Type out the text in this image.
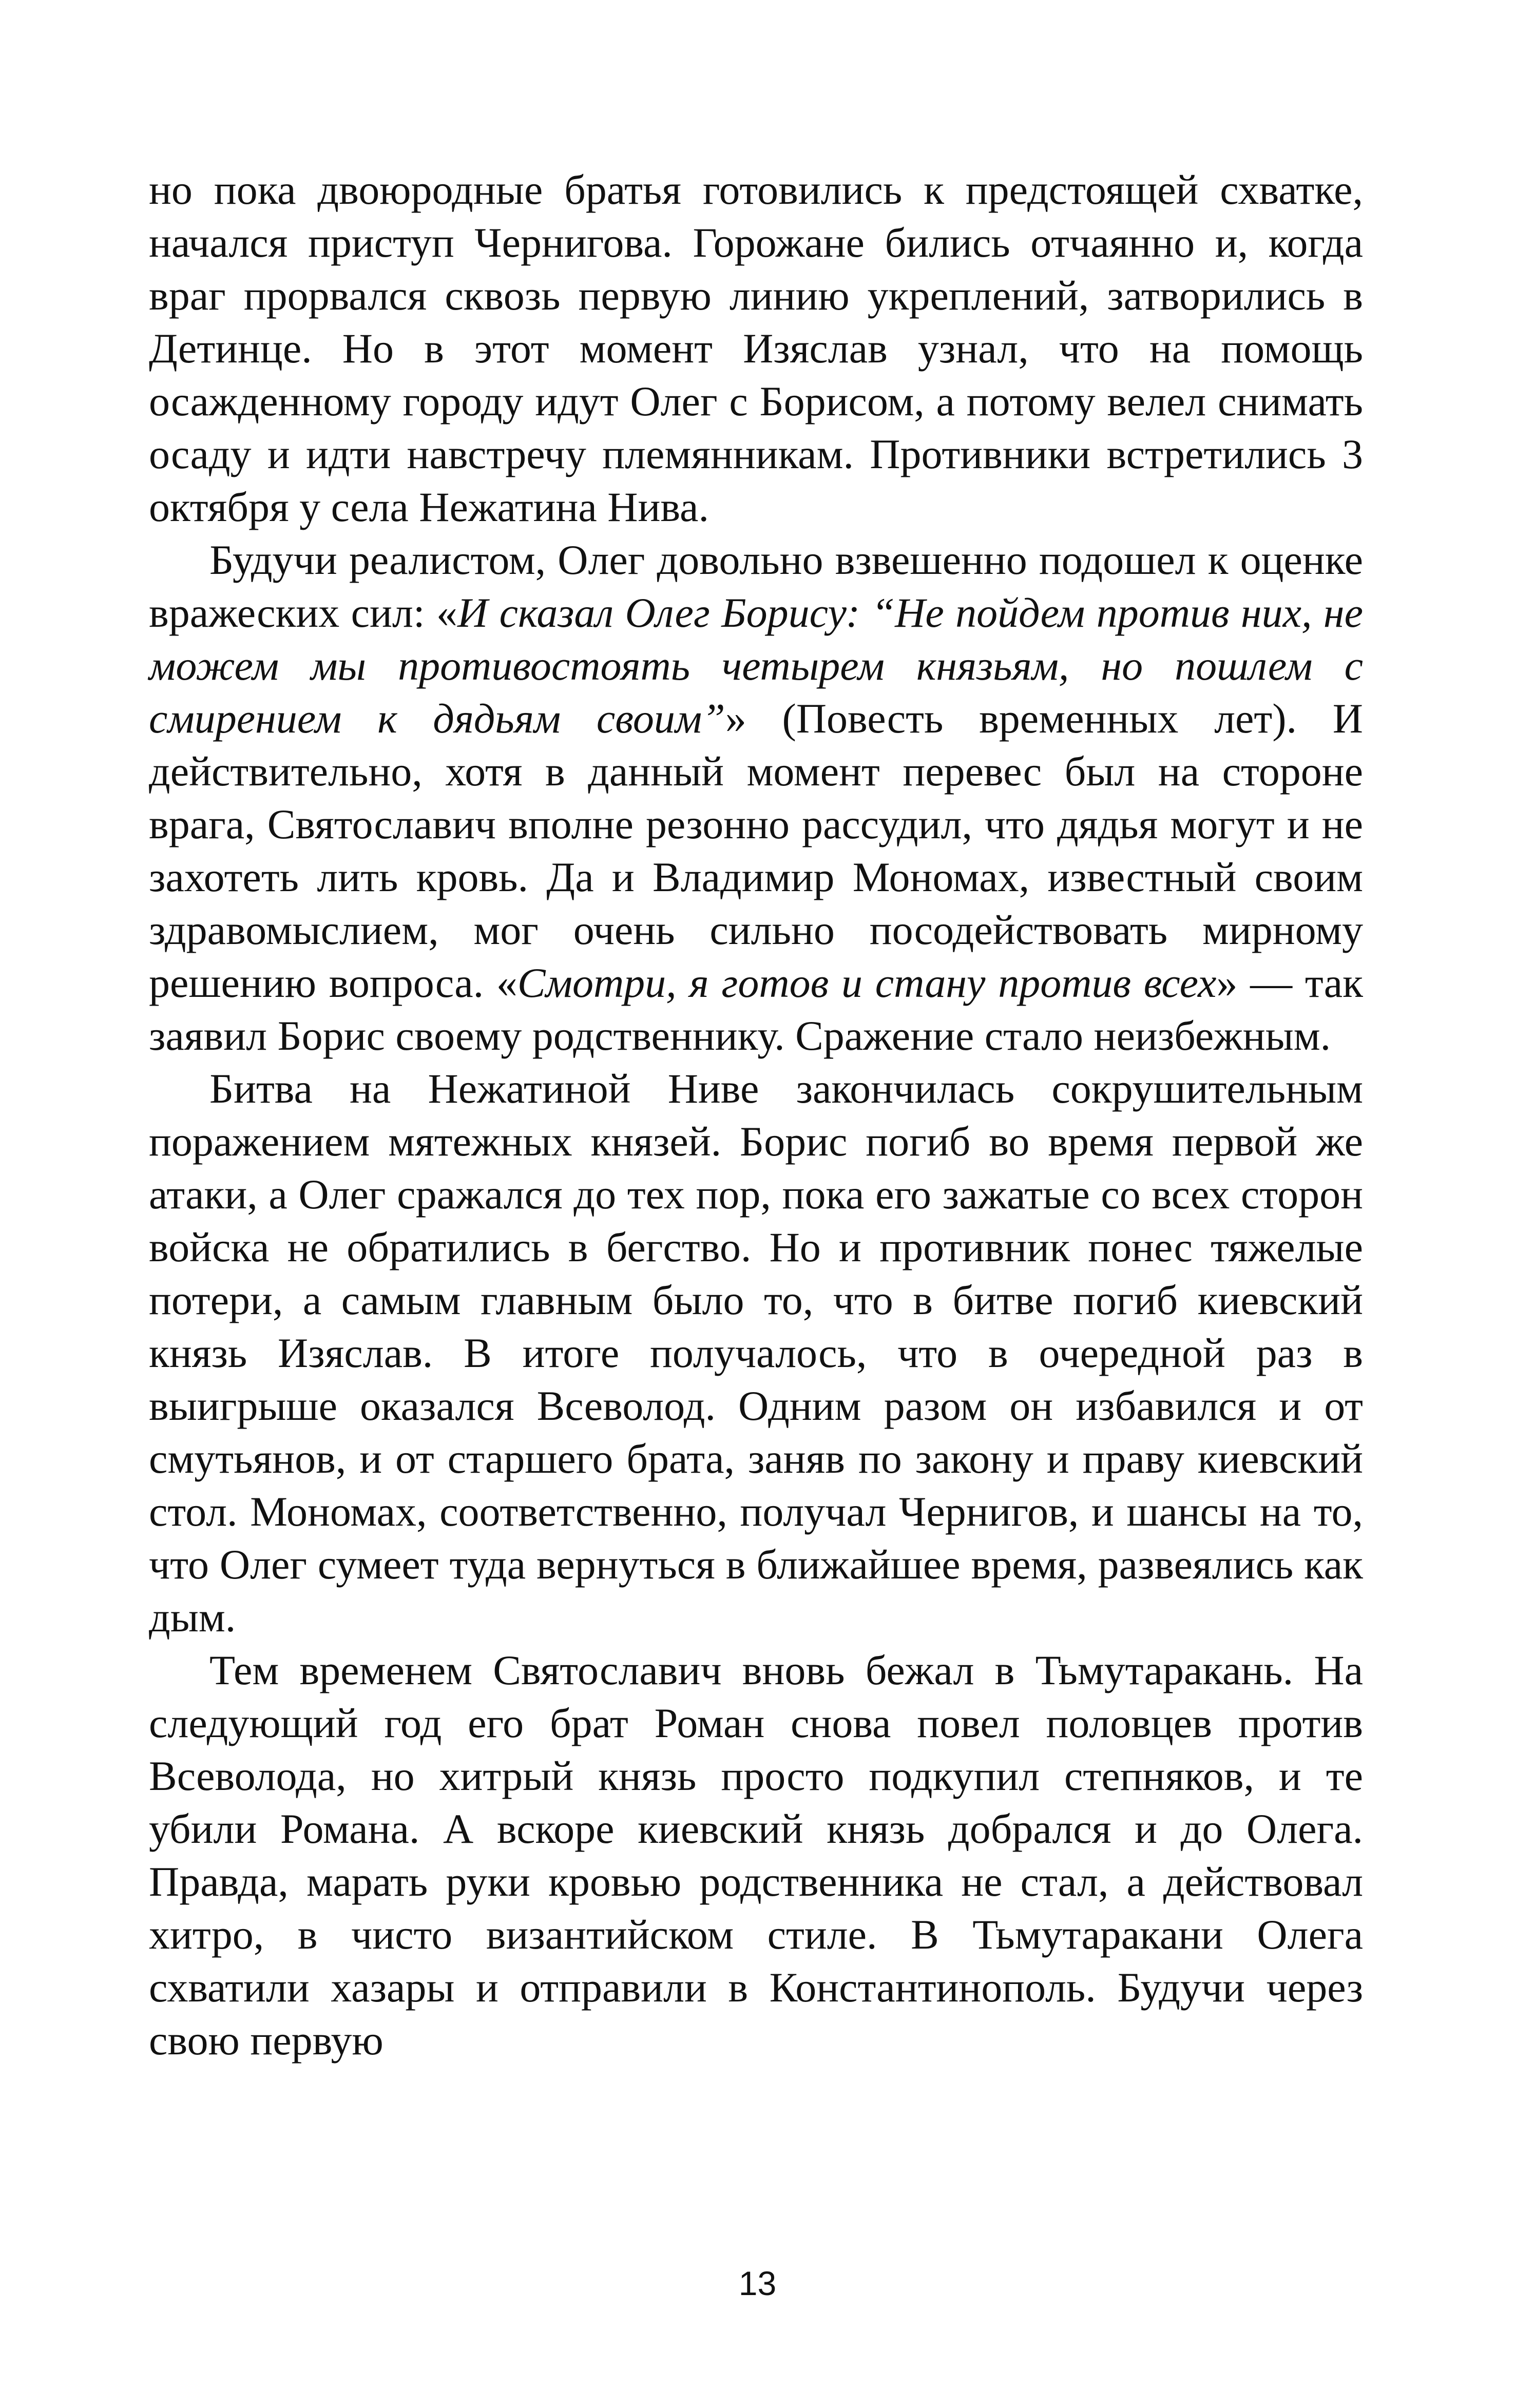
но пока двоюродные братья готовились к предстоящей схватке, начался приступ Чернигова. Горожане бились отчаянно и, когда враг прорвался сквозь первую линию укреплений, затворились в Детинце. Но в этот момент Изяслав узнал, что на помощь осажденному городу идут Олег с Борисом, а потому велел снимать осаду и идти навстречу племянникам. Противники встретились 3 октября у села Нежатина Нива.

Будучи реалистом, Олег довольно взвешенно подошел к оценке вражеских сил: «И сказал Олег Борису: “Не пойдем против них, не можем мы противостоять четырем князьям, но пошлем с смирением к дядьям своим”» (Повесть временных лет). И действительно, хотя в данный момент перевес был на стороне врага, Святославич вполне резонно рассудил, что дядья могут и не захотеть лить кровь. Да и Владимир Мономах, известный своим здравомыслием, мог очень сильно посодействовать мирному решению вопроса. «Смотри, я готов и стану против всех» — так заявил Борис своему родственнику. Сражение стало неизбежным.

Битва на Нежатиной Ниве закончилась сокрушительным поражением мятежных князей. Борис погиб во время первой же атаки, а Олег сражался до тех пор, пока его зажатые со всех сторон войска не обратились в бегство. Но и противник понес тяжелые потери, а самым главным было то, что в битве погиб киевский князь Изяслав. В итоге получалось, что в очередной раз в выигрыше оказался Всеволод. Одним разом он избавился и от смутьянов, и от старшего брата, заняв по закону и праву киевский стол. Мономах, соответственно, получал Чернигов, и шансы на то, что Олег сумеет туда вернуться в ближайшее время, развеялись как дым.

Тем временем Святославич вновь бежал в Тьмутаракань. На следующий год его брат Роман снова повел половцев против Всеволода, но хитрый князь просто подкупил степняков, и те убили Романа. А вскоре киевский князь добрался и до Олега. Правда, марать руки кровью родственника не стал, а действовал хитро, в чисто византийском стиле. В Тьмутаракани Олега схватили хазары и отправили в Константинополь. Будучи через свою первую

13
